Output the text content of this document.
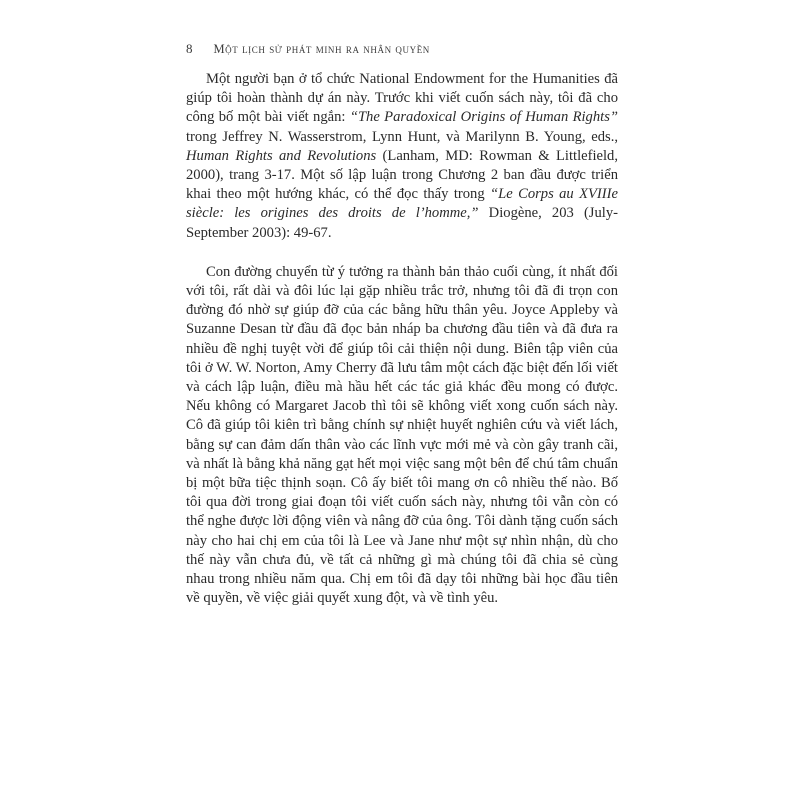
8 Một lịch sử phát minh ra nhân quyền

Một người bạn ở tổ chức National Endowment for the Humanities đã giúp tôi hoàn thành dự án này. Trước khi viết cuốn sách này, tôi đã cho công bố một bài viết ngắn: “The Paradoxical Origins of Human Rights” trong Jeffrey N. Wasserstrom, Lynn Hunt, và Marilynn B. Young, eds., Human Rights and Revolutions (Lanham, MD: Rowman & Littlefield, 2000), trang 3-17. Một số lập luận trong Chương 2 ban đầu được triển khai theo một hướng khác, có thể đọc thấy trong “Le Corps au XVIIIe siècle: les origines des droits de l’homme,” Diogène, 203 (July-September 2003): 49-67.

Con đường chuyển từ ý tưởng ra thành bản thảo cuối cùng, ít nhất đối với tôi, rất dài và đôi lúc lại gặp nhiều trắc trở, nhưng tôi đã đi trọn con đường đó nhờ sự giúp đỡ của các bằng hữu thân yêu. Joyce Appleby và Suzanne Desan từ đầu đã đọc bản nháp ba chương đầu tiên và đã đưa ra nhiều đề nghị tuyệt vời để giúp tôi cải thiện nội dung. Biên tập viên của tôi ở W. W. Norton, Amy Cherry đã lưu tâm một cách đặc biệt đến lối viết và cách lập luận, điều mà hầu hết các tác giả khác đều mong có được. Nếu không có Margaret Jacob thì tôi sẽ không viết xong cuốn sách này. Cô đã giúp tôi kiên trì bằng chính sự nhiệt huyết nghiên cứu và viết lách, bằng sự can đảm dấn thân vào các lĩnh vực mới mẻ và còn gây tranh cãi, và nhất là bằng khả năng gạt hết mọi việc sang một bên để chú tâm chuẩn bị một bữa tiệc thịnh soạn. Cô ấy biết tôi mang ơn cô nhiều thế nào. Bố tôi qua đời trong giai đoạn tôi viết cuốn sách này, nhưng tôi vẫn còn có thể nghe được lời động viên và nâng đỡ của ông. Tôi dành tặng cuốn sách này cho hai chị em của tôi là Lee và Jane như một sự nhìn nhận, dù cho thế này vẫn chưa đủ, về tất cả những gì mà chúng tôi đã chia sẻ cùng nhau trong nhiều năm qua. Chị em tôi đã dạy tôi những bài học đầu tiên về quyền, về việc giải quyết xung đột, và về tình yêu.
